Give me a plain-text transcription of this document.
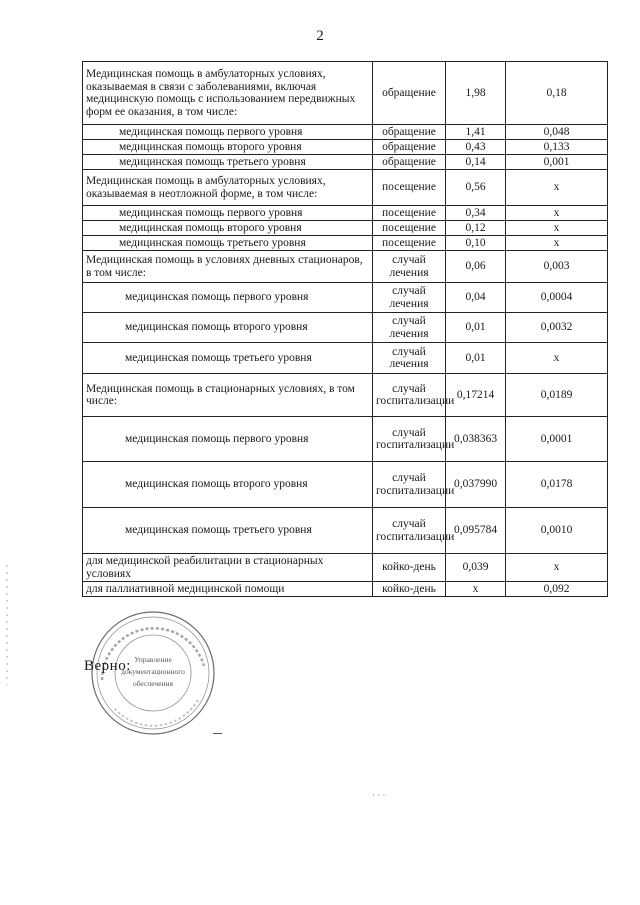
2
Медицинская помощь в амбулаторных условиях, оказываемая в связи с заболеваниями, включая медицинскую помощь с использованием передвижных форм ее оказания, в том числе:	обращение	1,98	0,18
медицинская помощь первого уровня	обращение	1,41	0,048
медицинская помощь второго уровня	обращение	0,43	0,133
медицинская помощь третьего уровня	обращение	0,14	0,001
Медицинская помощь в амбулаторных условиях, оказываемая в неотложной форме, в том числе:	посещение	0,56	х
медицинская помощь первого уровня	посещение	0,34	х
медицинская помощь второго уровня	посещение	0,12	х
медицинская помощь третьего уровня	посещение	0,10	х
Медицинская помощь в условиях дневных стационаров, в том числе:	случай лечения	0,06	0,003
медицинская помощь первого уровня	случай лечения	0,04	0,0004
медицинская помощь второго уровня	случай лечения	0,01	0,0032
медицинская помощь третьего уровня	случай лечения	0,01	х
Медицинская помощь в стационарных условиях, в том числе:	случай госпитализации	0,17214	0,0189
медицинская помощь первого уровня	случай госпитализации	0,038363	0,0001
медицинская помощь второго уровня	случай госпитализации	0,037990	0,0178
медицинская помощь третьего уровня	случай госпитализации	0,095784	0,0010
для медицинской реабилитации в стационарных условиях	койко-день	0,039	х
для паллиативной медицинской помощи	койко-день	х	0,092
Управление
документационного
обеспечения
Верно:
· · ·
